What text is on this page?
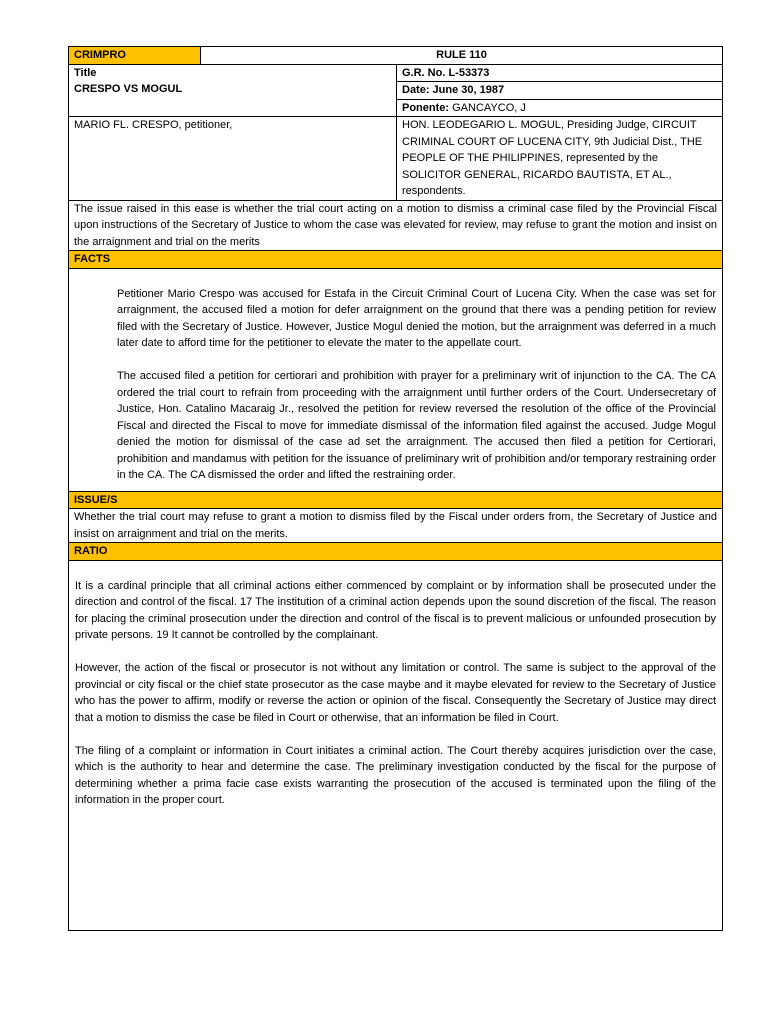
CRIMPRO	RULE 110	

Title
CRESPO VS MOGUL		G.R. No. L-53373
		Date: June 30, 1987
		Ponente: GANCAYCO, J
MARIO FL. CRESPO, petitioner,		HON. LEODEGARIO L. MOGUL, Presiding Judge, CIRCUIT CRIMINAL COURT OF LUCENA CITY, 9th Judicial Dist., THE PEOPLE OF THE PHILIPPINES, represented by the SOLICITOR GENERAL, RICARDO BAUTISTA, ET AL., respondents.
The issue raised in this ease is whether the trial court acting on a motion to dismiss a criminal case filed by the Provincial Fiscal upon instructions of the Secretary of Justice to whom the case was elevated for review, may refuse to grant the motion and insist on the arraignment and trial on the merits		
FACTS		

Petitioner Mario Crespo was accused for Estafa in the Circuit Criminal Court of Lucena City. When the case was set for arraignment, the accused filed a motion for defer arraignment on the ground that there was a pending petition for review filed with the Secretary of Justice. However, Justice Mogul denied the motion, but the arraignment was deferred in a much later date to afford time for the petitioner to elevate the mater to the appellate court.

The accused filed a petition for certiorari and prohibition with prayer for a preliminary writ of injunction to the CA. The CA ordered the trial court to refrain from proceeding with the arraignment until further orders of the Court. Undersecretary of Justice, Hon. Catalino Macaraig Jr., resolved the petition for review reversed the resolution of the office of the Provincial Fiscal and directed the Fiscal to move for immediate dismissal of the information filed against the accused. Judge Mogul denied the motion for dismissal of the case ad set the arraignment. The accused then filed a petition for Certiorari, prohibition and mandamus with petition for the issuance of preliminary writ of prohibition and/or temporary restraining order in the CA. The CA dismissed the order and lifted the restraining order.		

ISSUE/S		
Whether the trial court may refuse to grant a motion to dismiss filed by the Fiscal under orders from, the Secretary of Justice and insist on arraignment and trial on the merits.		
RATIO		

It is a cardinal principle that all criminal actions either commenced by complaint or by information shall be prosecuted under the direction and control of the fiscal. 17 The institution of a criminal action depends upon the sound discretion of the fiscal. The reason for placing the criminal prosecution under the direction and control of the fiscal is to prevent malicious or unfounded prosecution by private persons. 19 It cannot be controlled by the complainant.

However, the action of the fiscal or prosecutor is not without any limitation or control. The same is subject to the approval of the provincial or city fiscal or the chief state prosecutor as the case maybe and it maybe elevated for review to the Secretary of Justice who has the power to affirm, modify or reverse the action or opinion of the fiscal. Consequently the Secretary of Justice may direct that a motion to dismiss the case be filed in Court or otherwise, that an information be filed in Court.

The filing of a complaint or information in Court initiates a criminal action. The Court thereby acquires jurisdiction over the case, which is the authority to hear and determine the case. The preliminary investigation conducted by the fiscal for the purpose of determining whether a prima facie case exists warranting the prosecution of the accused is terminated upon the filing of the information in the proper court.		
